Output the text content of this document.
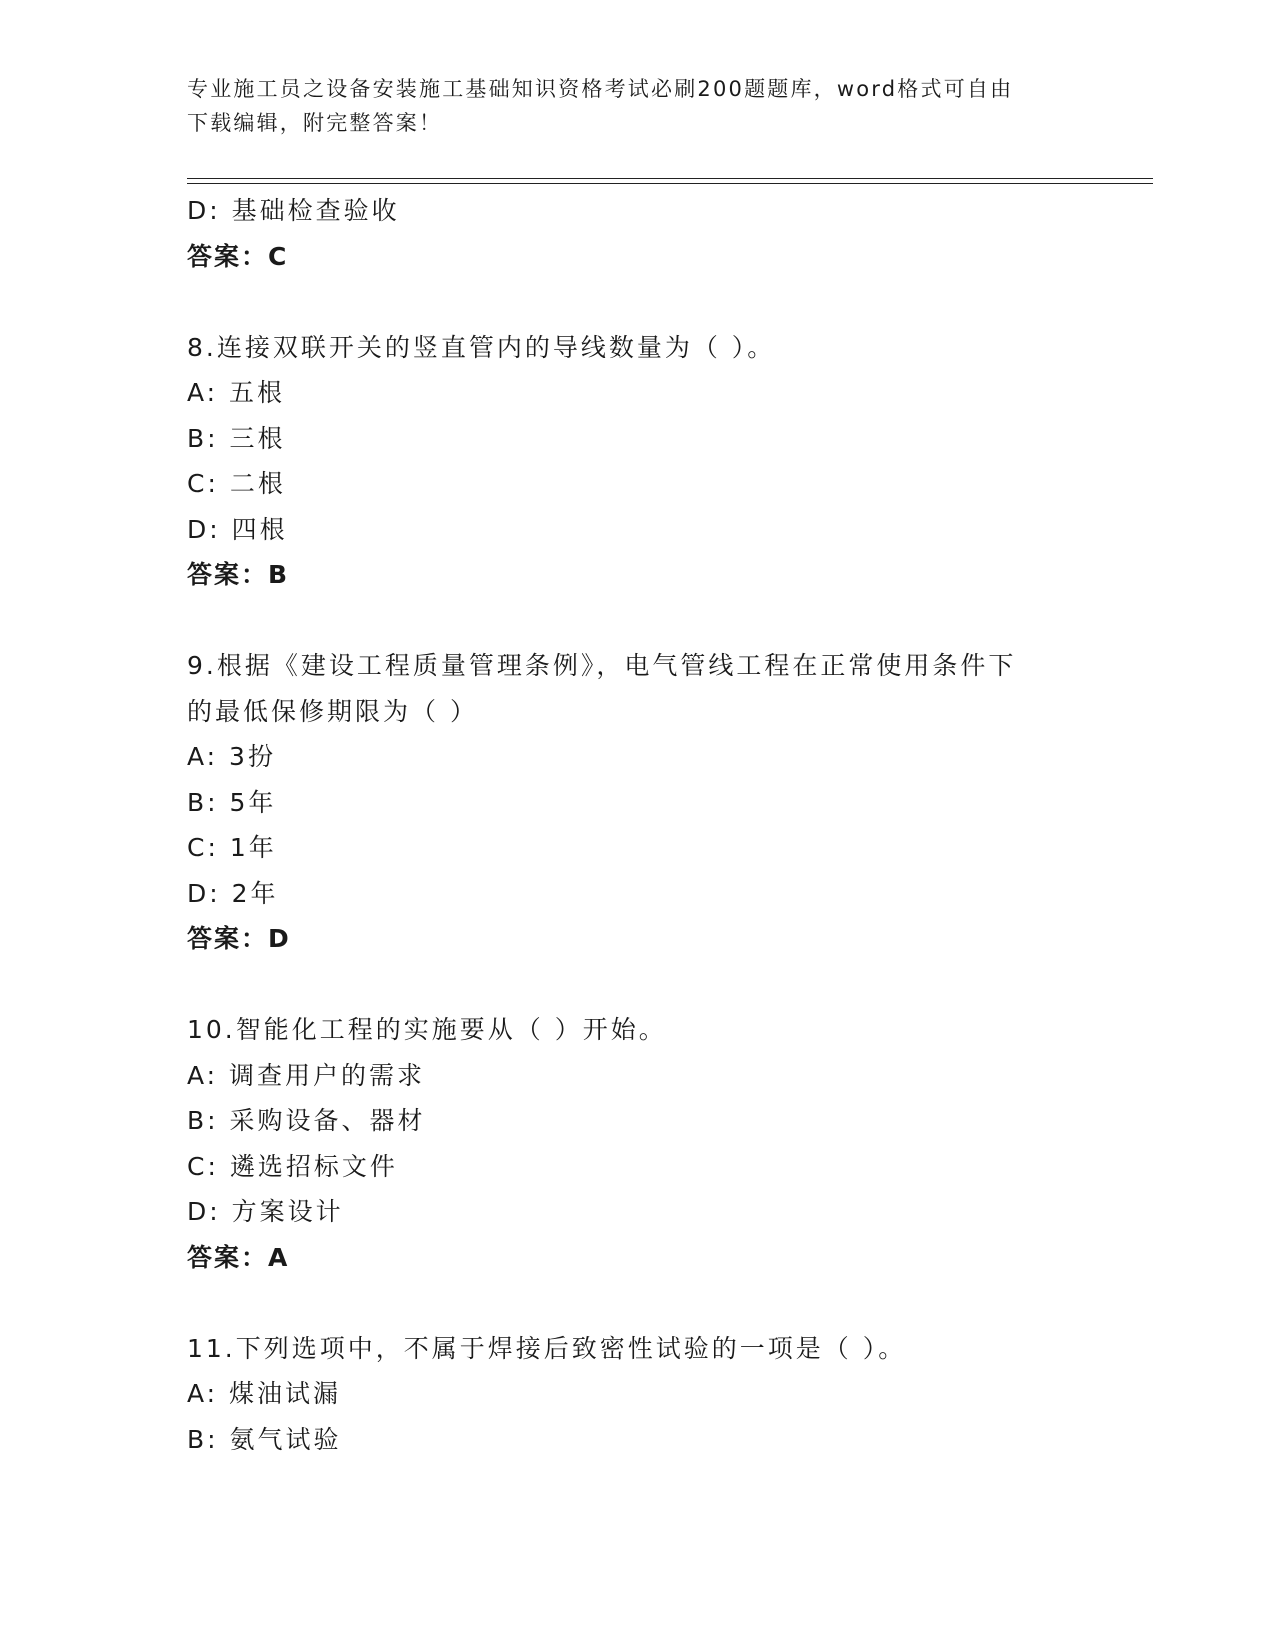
专业施工员之设备安装施工基础知识资格考试必刷200题题库，word格式可自由
下载编辑，附完整答案！
D: 基础检查验收
答案：C
8.连接双联开关的竖直管内的导线数量为（ ）。
A: 五根
B: 三根
C: 二根
D: 四根
答案：B
9.根据《建设工程质量管理条例》，电气管线工程在正常使用条件下
的最低保修期限为（ ）
A: 3扮
B: 5年
C: 1年
D: 2年
答案：D
10.智能化工程的实施要从（ ）开始。
A: 调查用户的需求
B: 采购设备、器材
C: 遴选招标文件
D: 方案设计
答案：A
11.下列选项中，不属于焊接后致密性试验的一项是（ ）。
A: 煤油试漏
B: 氨气试验
